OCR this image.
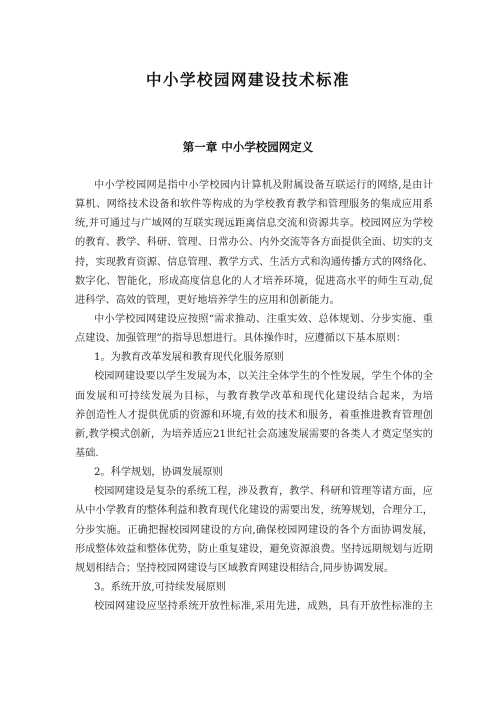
中小学校园网建设技术标准
第一章 中小学校园网定义
中小学校园网是指中小学校园内计算机及附属设备互联运行的网络,是由计
算机、网络技术设备和软件等构成的为学校教育教学和管理服务的集成应用系
统,并可通过与广域网的互联实现远距离信息交流和资源共享。校园网应为学校
的教育、教学、科研、管理、日常办公、内外交流等各方面提供全面、切实的支
持，实现教育资源、信息管理、教学方式、生活方式和沟通传播方式的网络化、
数字化、智能化，形成高度信息化的人才培养环境，促进高水平的师生互动,促
进科学、高效的管理，更好地培养学生的应用和创新能力。
中小学校园网建设应按照“需求推动、注重实效、总体规划、分步实施、重
点建设、加强管理”的指导思想进行。具体操作时，应遵循以下基本原则：
1。为教育改革发展和教育现代化服务原则
校园网建设要以学生发展为本，以关注全体学生的个性发展，学生个体的全
面发展和可持续发展为目标，与教育教学改革和现代化建设结合起来，为培
养创造性人才提供优质的资源和环境,有效的技术和服务，着重推进教育管理创
新,教学模式创新，为培养适应21世纪社会高速发展需要的各类人才奠定坚实的
基础.
2。科学规划，协调发展原则
校园网建设是复杂的系统工程，涉及教育，教学、科研和管理等诸方面，应
从中小学教育的整体利益和教育现代化建设的需要出发，统筹规划，合理分工，
分步实施。正确把握校园网建设的方向,确保校园网建设的各个方面协调发展，
形成整体效益和整体优势，防止重复建设，避免资源浪费。坚持远期规划与近期
规划相结合；坚持校园网建设与区域教育网建设相结合,同步协调发展。
3。系统开放,可持续发展原则
校园网建设应坚持系统开放性标准,采用先进，成熟，具有开放性标准的主
